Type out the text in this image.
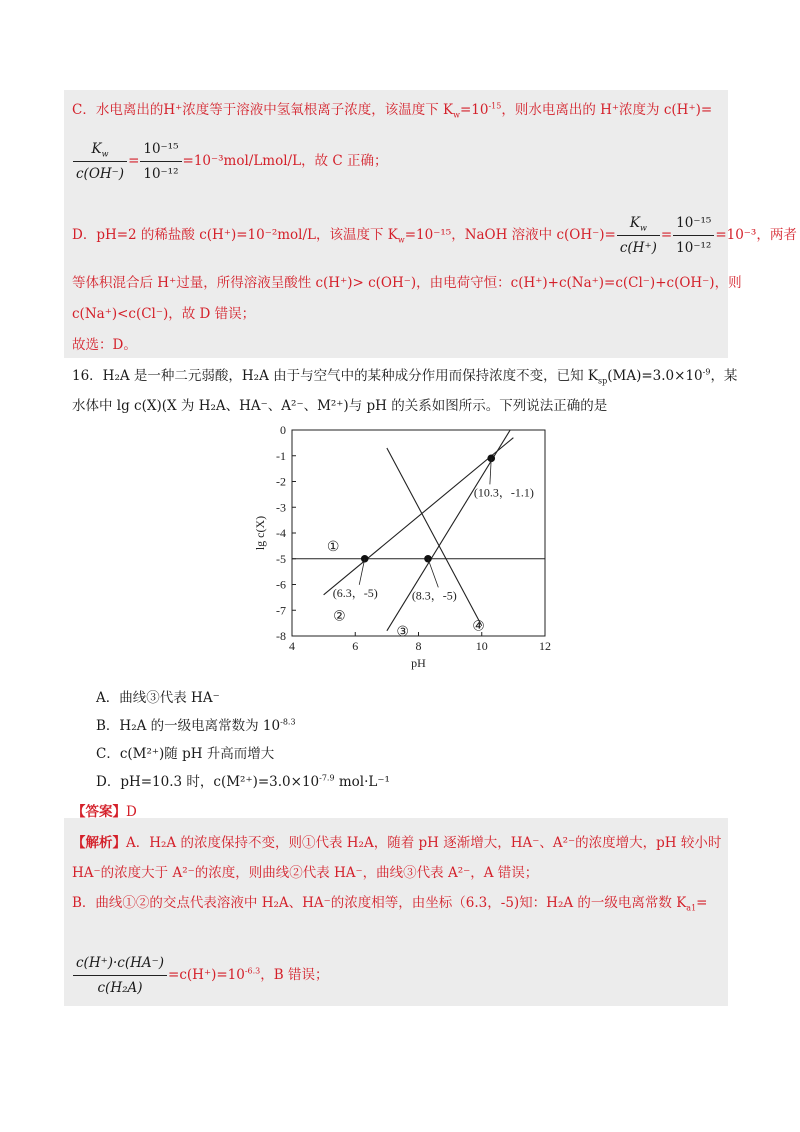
C．水电离出的H⁺浓度等于溶液中氢氧根离子浓度，该温度下 $K_w=10^{-15}$，则水电离出的 H⁺浓度为 c(H⁺)=
$\frac{K_w}{c(OH^-)} = \frac{\text{10⁻¹⁵}}{\text{10⁻¹²}}$ =10⁻³mol/Lmol/L，故 C 正确；
D．pH=2 的稀盐酸 c(H⁺)=10⁻²mol/L，该温度下 $K_w=10^{-15}$，NaOH 溶液中 $c(OH^-)= \frac{K_w}{c(H^+)} = \frac{\text{10⁻¹⁵}}{\text{10⁻¹²}} =10^{-3}$，两者
等体积混合后 H⁺过量，所得溶液呈酸性 c(H⁺)> c(OH⁻)，由电荷守恒：c(H⁺)+c(Na⁺)=c(Cl⁻)+c(OH⁻)，则
c(Na⁺)<c(Cl⁻)，故 D 错误；
故选：D。
16．H₂A 是一种二元弱酸，H₂A 由于与空气中的某种成分作用而保持浓度不变，已知 $K_{sp}(MA)=3.0\times 10^{-9}$，某
水体中 lg c(X)(X 为 H₂A、HA⁻、A²⁻、M²⁺)与 pH 的关系如图所示。下列说法正确的是
4	6	8	10	12
0
-1
-2
-3
-4
-5
-6
-7
-8
pH
lg c(X)	①
②
③	④
(6.3，-5)	(8.3，-5)
(10.3，-1.1)
A．曲线③代表 HA⁻
B．H₂A 的一级电离常数为 $10^{-8.3}$
C．c(M²⁺)随 pH 升高而增大
D．pH=10.3 时，$c(M^{2+})=3.0\times 10^{-7.9}$ mol·L⁻¹
【答案】D
【解析】A．H₂A 的浓度保持不变，则①代表 H₂A，随着 pH 逐渐增大，HA⁻、A²⁻的浓度增大，pH 较小时
HA⁻的浓度大于 A²⁻的浓度，则曲线②代表 HA⁻，曲线③代表 A²⁻，A 错误；
B．曲线①②的交点代表溶液中 H₂A、HA⁻的浓度相等，由坐标（6.3，-5)知：H₂A 的一级电离常数 $K_{a1}=$
$\frac{c(H^+)\cdot c(HA^-)}{\text{c(H₂A)}} =c(H^+)=10^{-6.3}$，B 错误；
